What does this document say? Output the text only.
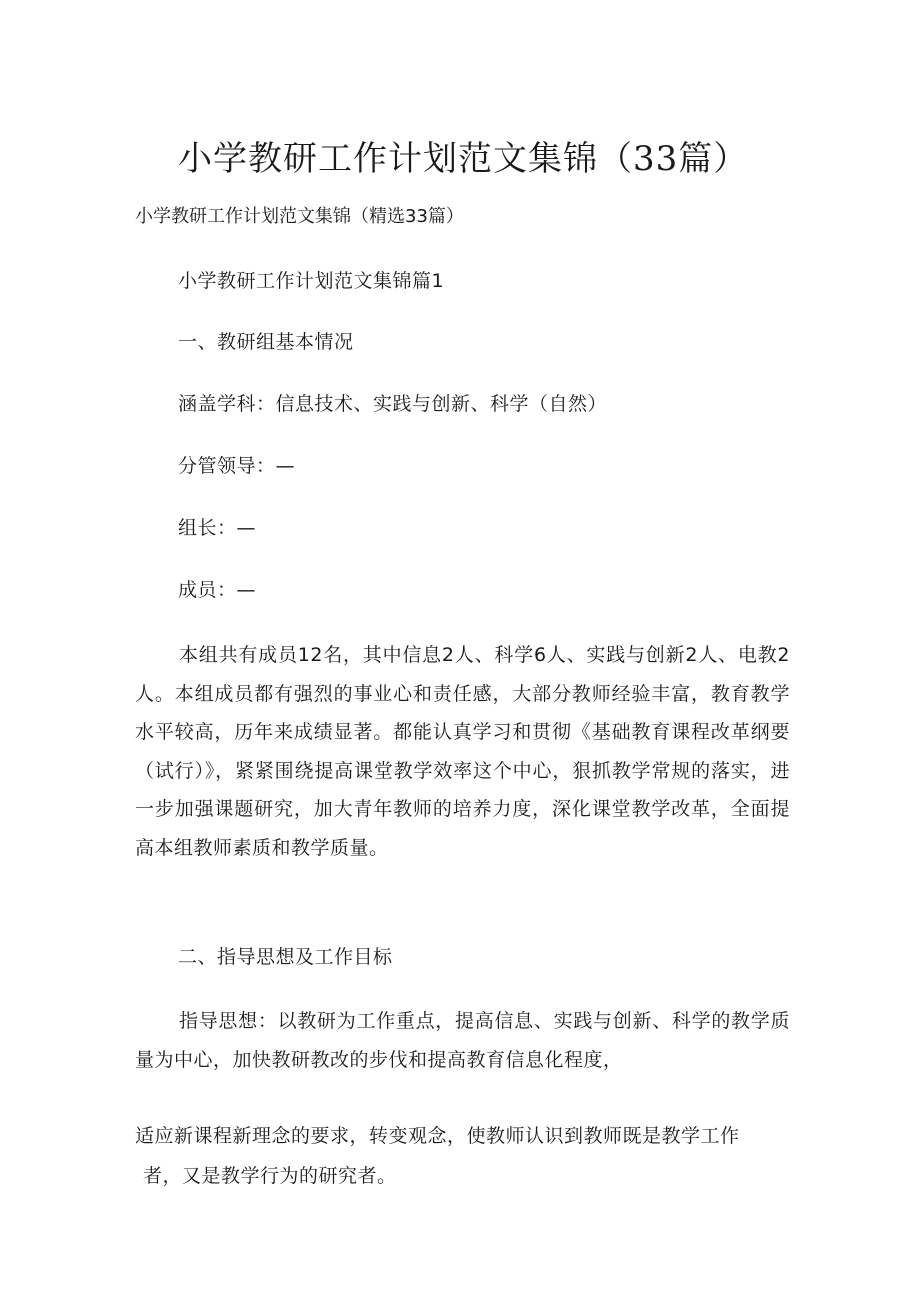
小学教研工作计划范文集锦（33篇）
小学教研工作计划范文集锦（精选33篇）
小学教研工作计划范文集锦篇1
一、教研组基本情况
涵盖学科：信息技术、实践与创新、科学（自然）
分管领导：—
组长：—
成员：—
本组共有成员12名，其中信息2人、科学6人、实践与创新2人、电教2人。本组成员都有强烈的事业心和责任感，大部分教师经验丰富，教育教学水平较高，历年来成绩显著。都能认真学习和贯彻《基础教育课程改革纲要（试行）》，紧紧围绕提高课堂教学效率这个中心，狠抓教学常规的落实，进一步加强课题研究，加大青年教师的培养力度，深化课堂教学改革，全面提高本组教师素质和教学质量。
二、指导思想及工作目标
指导思想：以教研为工作重点，提高信息、实践与创新、科学的教学质量为中心，加快教研教改的步伐和提高教育信息化程度，
适应新课程新理念的要求，转变观念，使教师认识到教师既是教学工作
者，又是教学行为的研究者。
